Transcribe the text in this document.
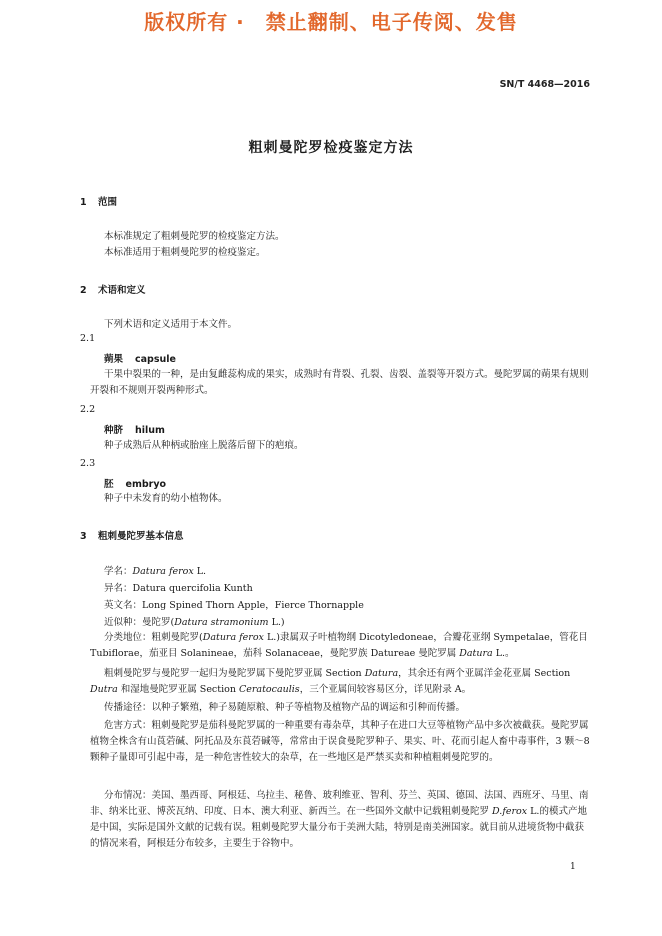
版权所有 ·　禁止翻制、电子传阅、发售
SN/T 4468—2016
粗刺曼陀罗检疫鉴定方法
1 范围
本标准规定了粗刺曼陀罗的检疫鉴定方法。
本标准适用于粗刺曼陀罗的检疫鉴定。
2 术语和定义
下列术语和定义适用于本文件。
2.1
蒴果 capsule
干果中裂果的一种，是由复雌蕊构成的果实，成熟时有背裂、孔裂、齿裂、盖裂等开裂方式。曼陀罗属的蒴果有规则开裂和不规则开裂两种形式。
2.2
种脐 hilum
种子成熟后从种柄或胎座上脱落后留下的疤痕。
2.3
胚 embryo
种子中未发育的幼小植物体。
3 粗刺曼陀罗基本信息
学名：Datura ferox L.
异名：Datura quercifolia Kunth
英文名：Long Spined Thorn Apple，Fierce Thornapple
近似种：曼陀罗(Datura stramonium L.)
分类地位：粗刺曼陀罗(Datura ferox L.)隶属双子叶植物纲 Dicotyledoneae，合瓣花亚纲 Sympetalae，管花目 Tubiflorae，茄亚目 Solanineae，茄科 Solanaceae，曼陀罗族 Datureae 曼陀罗属 Datura L.。
粗刺曼陀罗与曼陀罗一起归为曼陀罗属下曼陀罗亚属 Section Datura，其余还有两个亚属洋金花亚属 Section Dutra 和湿地曼陀罗亚属 Section Ceratocaulis，三个亚属间较容易区分，详见附录 A。
传播途径：以种子繁殖，种子易随原粮、种子等植物及植物产品的调运和引种而传播。
危害方式：粗刺曼陀罗是茄科曼陀罗属的一种重要有毒杂草，其种子在进口大豆等植物产品中多次被截获。曼陀罗属植物全株含有山莨菪碱、阿托品及东莨菪碱等，常常由于误食曼陀罗种子、果实、叶、花而引起人畜中毒事件，3 颗～8 颗种子量即可引起中毒，是一种危害性较大的杂草，在一些地区是严禁买卖和种植粗刺曼陀罗的。
分布情况：美国、墨西哥、阿根廷、乌拉圭、秘鲁、玻利维亚、智利、芬兰、英国、德国、法国、西班牙、马里、南非、纳米比亚、博茨瓦纳、印度、日本、澳大利亚、新西兰。在一些国外文献中记载粗刺曼陀罗 D.ferox L.的模式产地是中国，实际是国外文献的记载有误。粗刺曼陀罗大量分布于美洲大陆，特别是南美洲国家。就目前从进境货物中截获的情况来看，阿根廷分布较多，主要生于谷物中。
1
